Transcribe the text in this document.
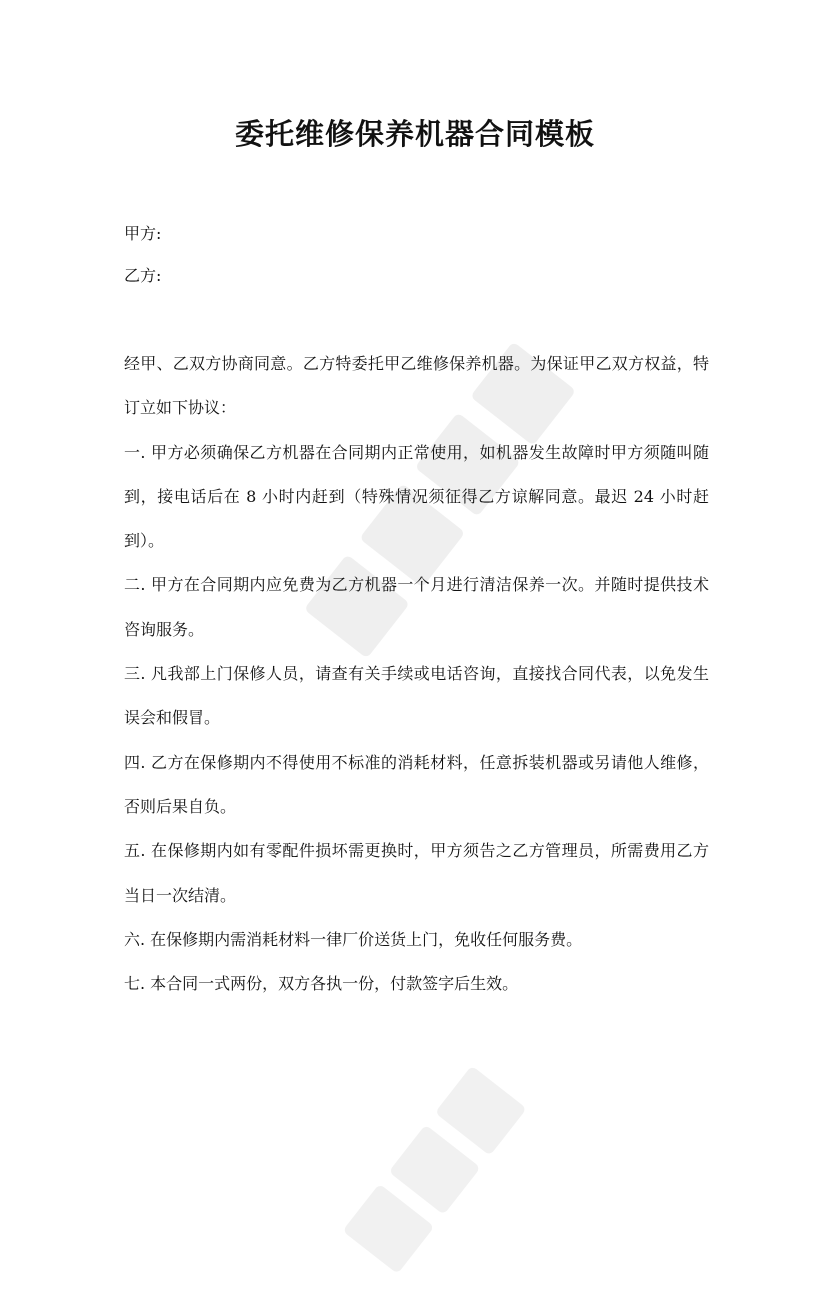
委托维修保养机器合同模板
甲方:
乙方:

经甲、乙双方协商同意。乙方特委托甲乙维修保养机器。为保证甲乙双方权益，特订立如下协议：

一. 甲方必须确保乙方机器在合同期内正常使用，如机器发生故障时甲方须随叫随到，接电话后在 8 小时内赶到（特殊情况须征得乙方谅解同意。最迟 24 小时赶到）。

二. 甲方在合同期内应免费为乙方机器一个月进行清洁保养一次。并随时提供技术咨询服务。

三. 凡我部上门保修人员，请查有关手续或电话咨询，直接找合同代表，以免发生误会和假冒。

四. 乙方在保修期内不得使用不标准的消耗材料，任意拆装机器或另请他人维修，否则后果自负。

五. 在保修期内如有零配件损坏需更换时，甲方须告之乙方管理员，所需费用乙方当日一次结清。

六. 在保修期内需消耗材料一律厂价送货上门，免收任何服务费。

七. 本合同一式两份，双方各执一份，付款签字后生效。
